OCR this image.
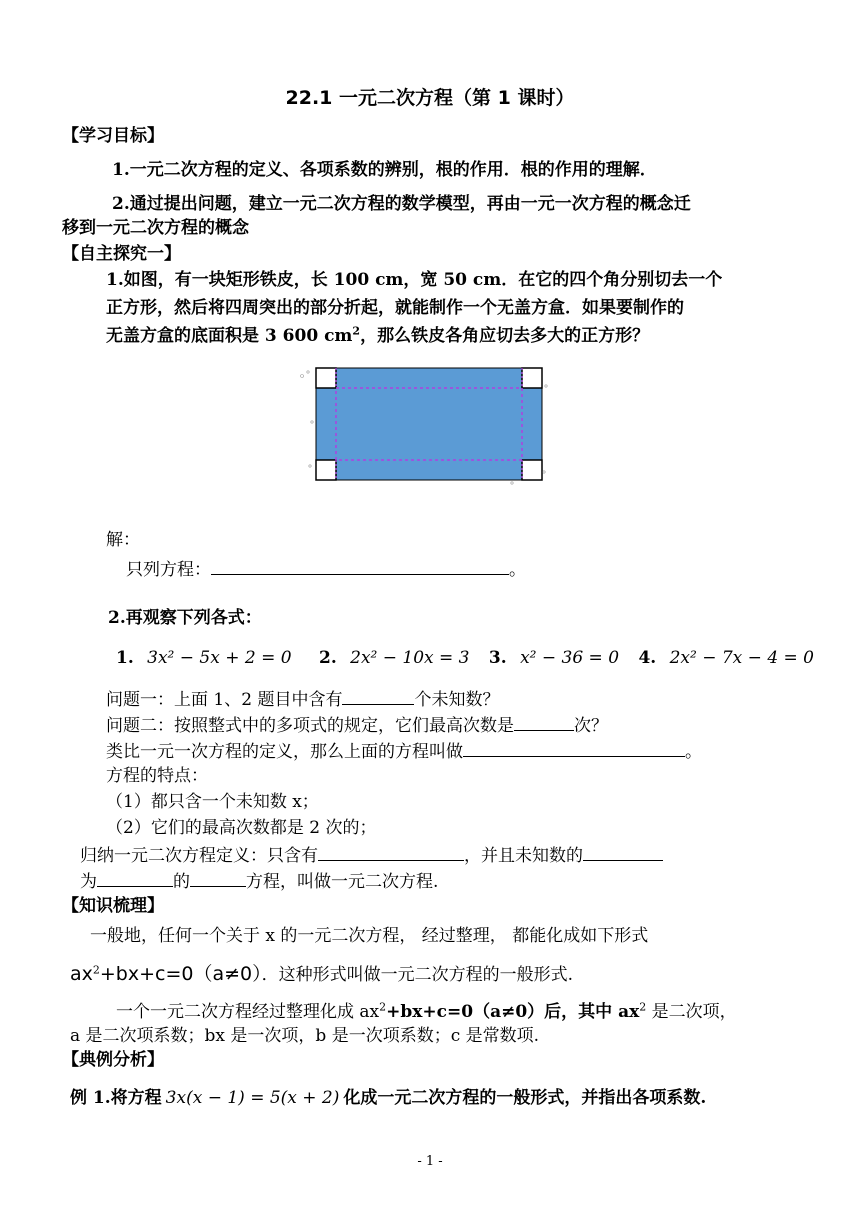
22.1 一元二次方程（第 1 课时）
【学习目标】
1.一元二次方程的定义、各项系数的辨别，根的作用．根的作用的理解．
2.通过提出问题，建立一元二次方程的数学模型，再由一元一次方程的概念迁
移到一元二次方程的概念
【自主探究一】
1.如图，有一块矩形铁皮，长 100 cm，宽 50 cm．在它的四个角分别切去一个
正方形，然后将四周突出的部分折起，就能制作一个无盖方盒．如果要制作的
无盖方盒的底面积是 3 600 $cm^2$，那么铁皮各角应切去多大的正方形？
解：
只列方程：	。
2.再观察下列各式：
1. 3x² − 5x + 2 = 0 2. 2x² − 10x = 3 3. x² − 36 = 0 4. 2x² − 7x − 4 = 0
问题一：上面 1、2 题目中含有	个未知数？
问题二：按照整式中的多项式的规定，它们最高次数是	次？
类比一元一次方程的定义，那么上面的方程叫做	。
方程的特点：
（1）都只含一个未知数 x；
（2）它们的最高次数都是 2 次的；
归纳一元二次方程定义：只含有	，并且未知数的
为	的	方程，叫做一元二次方程.
【知识梳理】
一般地，任何一个关于 x 的一元二次方程， 经过整理， 都能化成如下形式
$ax^2+bx+c=0(a\ne 0)$．这种形式叫做一元二次方程的一般形式.
一个一元二次方程经过整理化成 $ax^2+bx+c=0(a\ne 0)$后，其中 $ax^2$ 是二次项，
a 是二次项系数；bx 是一次项，b 是一次项系数；c 是常数项.
【典例分析】
例 1.将方程 3x(x − 1) = 5(x + 2) 化成一元二次方程的一般形式，并指出各项系数.
- 1 -
